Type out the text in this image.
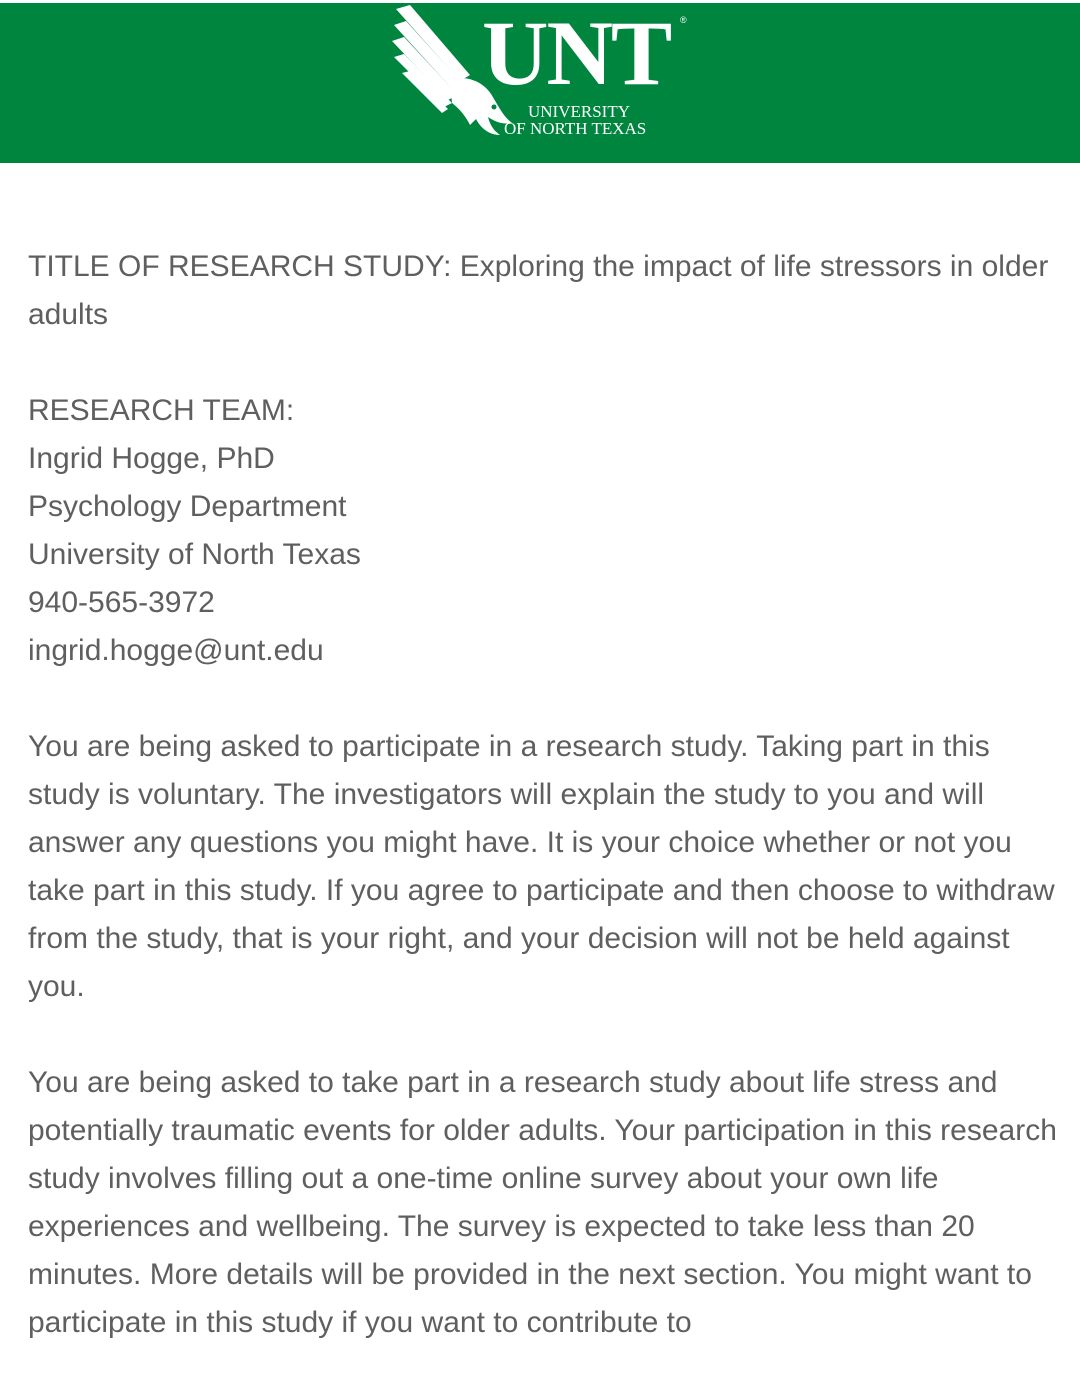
UNT ®
UNIVERSITY
OF NORTH TEXAS
TITLE OF RESEARCH STUDY: Exploring the impact of life stressors in older adults
RESEARCH TEAM:
Ingrid Hogge, PhD
Psychology Department
University of North Texas
940-565-3972
ingrid.hogge@unt.edu
You are being asked to participate in a research study. Taking part in this study is voluntary. The investigators will explain the study to you and will answer any questions you might have. It is your choice whether or not you take part in this study. If you agree to participate and then choose to withdraw from the study, that is your right, and your decision will not be held against you.
You are being asked to take part in a research study about life stress and potentially traumatic events for older adults. Your participation in this research study involves filling out a one-time online survey about your own life experiences and wellbeing. The survey is expected to take less than 20 minutes. More details will be provided in the next section. You might want to participate in this study if you want to contribute to
